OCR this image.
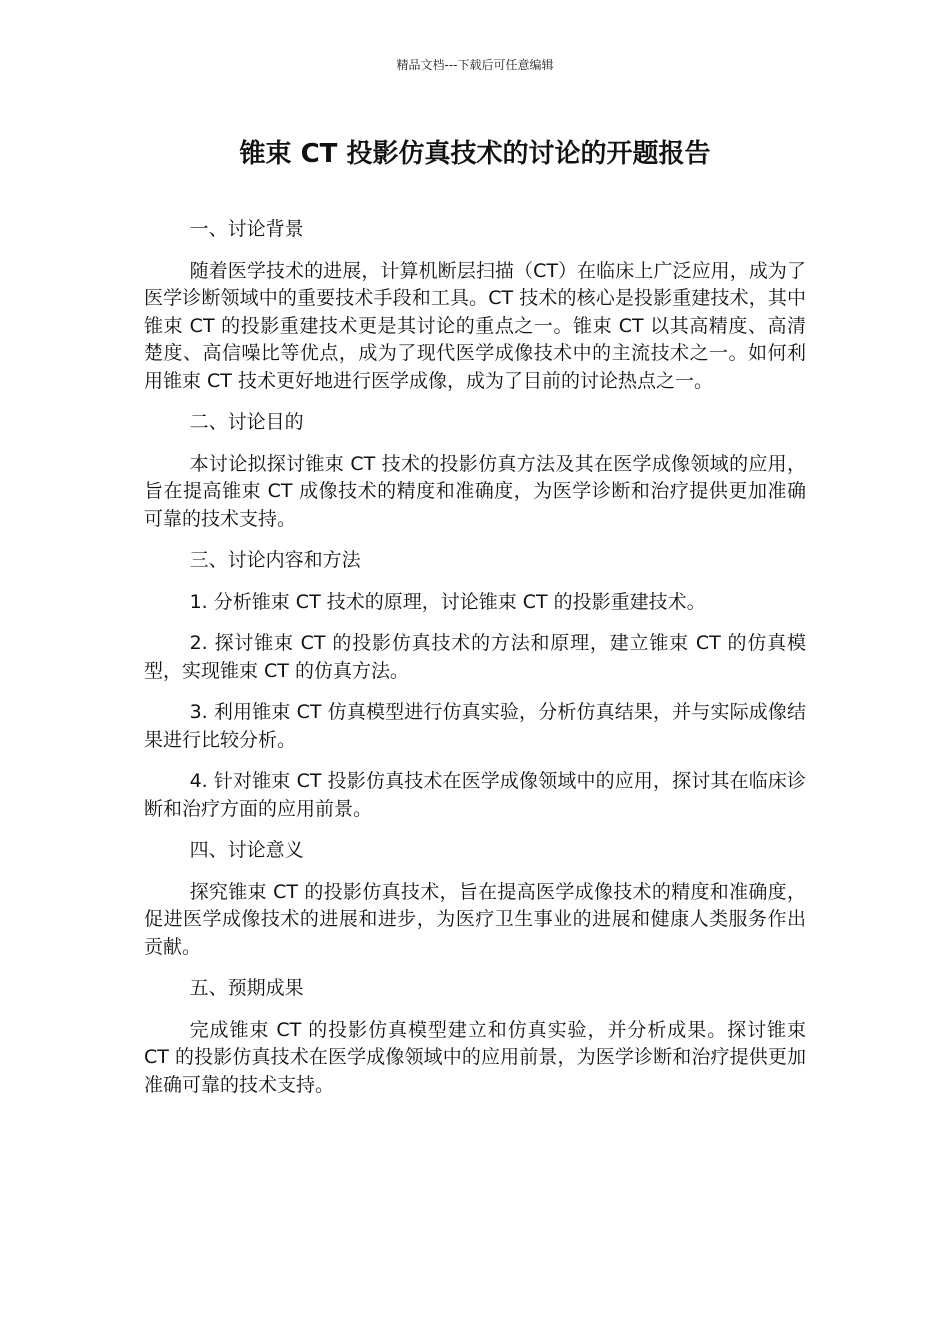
精品文档---下载后可任意编辑
锥束 CT 投影仿真技术的讨论的开题报告

一、讨论背景

随着医学技术的进展，计算机断层扫描（CT）在临床上广泛应用，成为了医学诊断领域中的重要技术手段和工具。CT 技术的核心是投影重建技术，其中锥束 CT 的投影重建技术更是其讨论的重点之一。锥束 CT 以其高精度、高清楚度、高信噪比等优点，成为了现代医学成像技术中的主流技术之一。如何利用锥束 CT 技术更好地进行医学成像，成为了目前的讨论热点之一。

二、讨论目的

本讨论拟探讨锥束 CT 技术的投影仿真方法及其在医学成像领域的应用，旨在提高锥束 CT 成像技术的精度和准确度，为医学诊断和治疗提供更加准确可靠的技术支持。

三、讨论内容和方法

1. 分析锥束 CT 技术的原理，讨论锥束 CT 的投影重建技术。

2. 探讨锥束 CT 的投影仿真技术的方法和原理，建立锥束 CT 的仿真模型，实现锥束 CT 的仿真方法。

3. 利用锥束 CT 仿真模型进行仿真实验，分析仿真结果，并与实际成像结果进行比较分析。

4. 针对锥束 CT 投影仿真技术在医学成像领域中的应用，探讨其在临床诊断和治疗方面的应用前景。

四、讨论意义

探究锥束 CT 的投影仿真技术，旨在提高医学成像技术的精度和准确度，促进医学成像技术的进展和进步，为医疗卫生事业的进展和健康人类服务作出贡献。

五、预期成果

完成锥束 CT 的投影仿真模型建立和仿真实验，并分析成果。探讨锥束 CT 的投影仿真技术在医学成像领域中的应用前景，为医学诊断和治疗提供更加准确可靠的技术支持。
